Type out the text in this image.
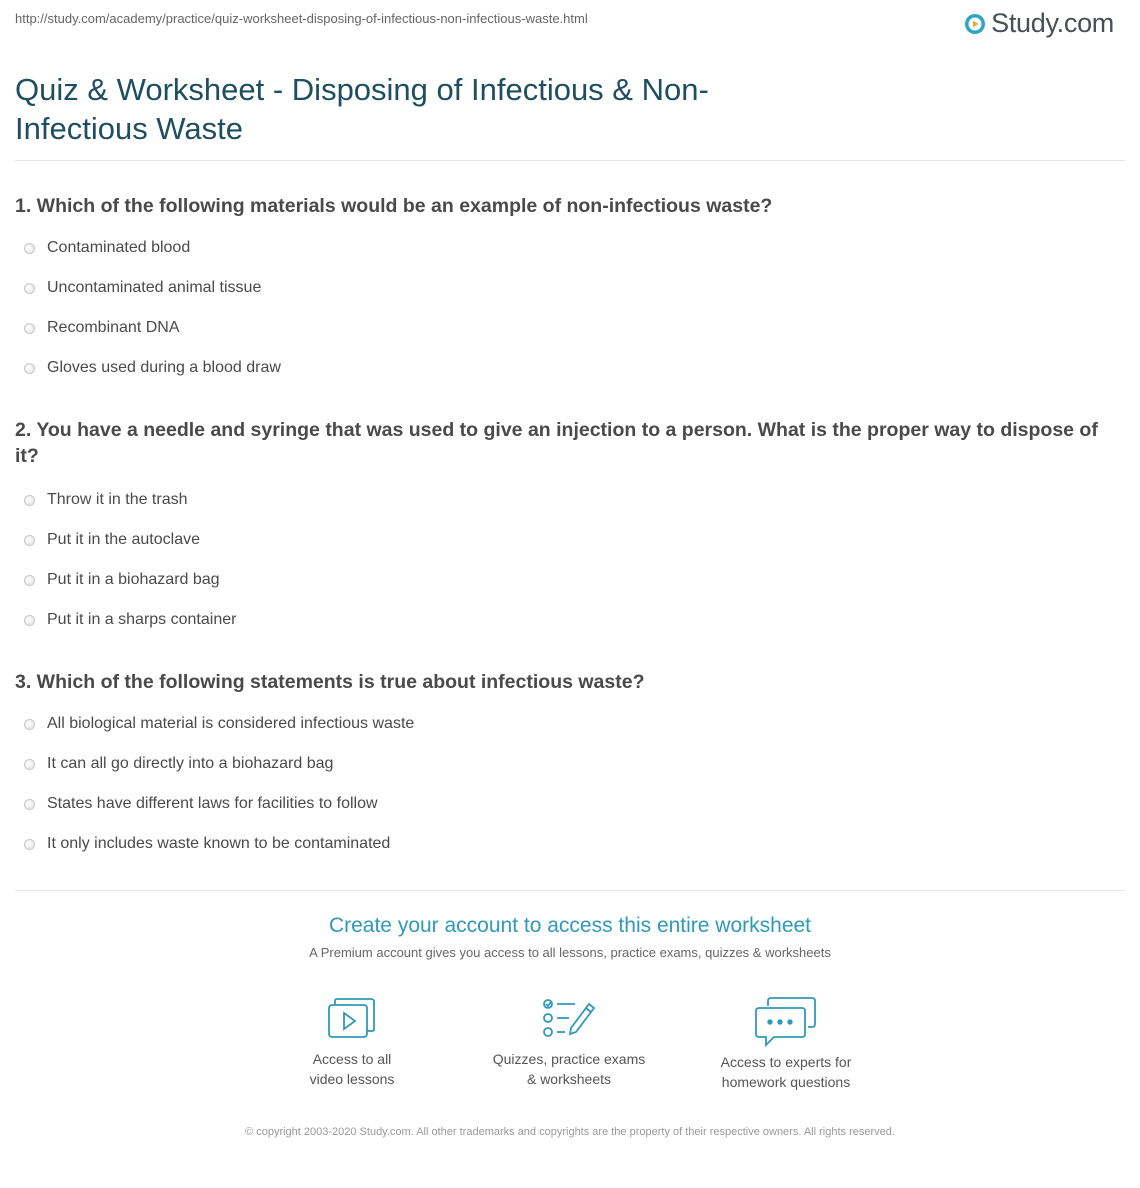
http://study.com/academy/practice/quiz-worksheet-disposing-of-infectious-non-infectious-waste.html	Study.com
Quiz & Worksheet - Disposing of Infectious & Non-Infectious Waste
1. Which of the following materials would be an example of non-infectious waste?
Contaminated blood
Uncontaminated animal tissue
Recombinant DNA
Gloves used during a blood draw
2. You have a needle and syringe that was used to give an injection to a person. What is the proper way to dispose of it?
Throw it in the trash
Put it in the autoclave
Put it in a biohazard bag
Put it in a sharps container
3. Which of the following statements is true about infectious waste?
All biological material is considered infectious waste
It can all go directly into a biohazard bag
States have different laws for facilities to follow
It only includes waste known to be contaminated
Create your account to access this entire worksheet
A Premium account gives you access to all lessons, practice exams, quizzes & worksheets
Access to all
video lessons
Quizzes, practice exams
& worksheets
Access to experts for
homework questions
© copyright 2003-2020 Study.com. All other trademarks and copyrights are the property of their respective owners. All rights reserved.
